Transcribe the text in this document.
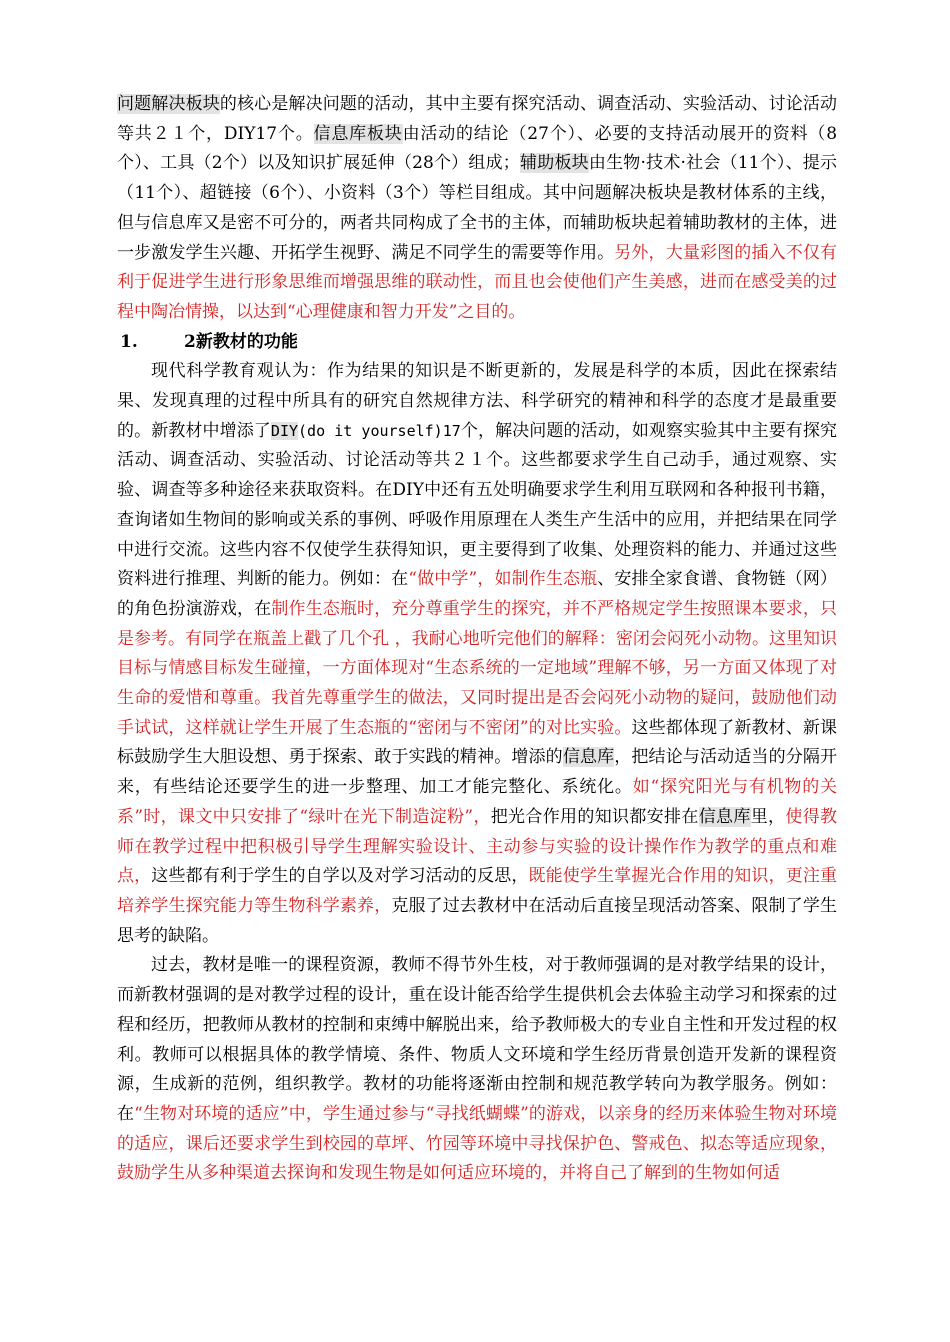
问题解决板块的核心是解决问题的活动，其中主要有探究活动、调查活动、实验活动、讨论活动等共２１个，DIY17个。信息库板块由活动的结论（27个）、必要的支持活动展开的资料（8个）、工具（2个）以及知识扩展延伸（28个）组成；辅助板块由生物·技术·社会（11个）、提示（11个）、超链接（6个）、小资料（3个）等栏目组成。其中问题解决板块是教材体系的主线，但与信息库又是密不可分的，两者共同构成了全书的主体，而辅助板块起着辅助教材的主体，进一步激发学生兴趣、开拓学生视野、满足不同学生的需要等作用。另外，大量彩图的插入不仅有利于促进学生进行形象思维而增强思维的联动性，而且也会使他们产生美感，进而在感受美的过程中陶冶情操，以达到“心理健康和智力开发”之目的。

1.	2新教材的功能

现代科学教育观认为：作为结果的知识是不断更新的，发展是科学的本质，因此在探索结果、发现真理的过程中所具有的研究自然规律方法、科学研究的精神和科学的态度才是最重要的。新教材中增添了DIY(do it yourself)17个，解决问题的活动，如观察实验其中主要有探究活动、调查活动、实验活动、讨论活动等共２１个。这些都要求学生自己动手，通过观察、实验、调查等多种途径来获取资料。在DIY中还有五处明确要求学生利用互联网和各种报刊书籍，查询诸如生物间的影响或关系的事例、呼吸作用原理在人类生产生活中的应用，并把结果在同学中进行交流。这些内容不仅使学生获得知识，更主要得到了收集、处理资料的能力、并通过这些资料进行推理、判断的能力。例如：在“做中学”，如制作生态瓶、安排全家食谱、食物链（网）的角色扮演游戏，在制作生态瓶时，充分尊重学生的探究，并不严格规定学生按照课本要求，只是参考。有同学在瓶盖上戳了几个孔 ，我耐心地听完他们的解释：密闭会闷死小动物。这里知识目标与情感目标发生碰撞，一方面体现对“生态系统的一定地域”理解不够，另一方面又体现了对生命的爱惜和尊重。我首先尊重学生的做法，又同时提出是否会闷死小动物的疑问，鼓励他们动手试试，这样就让学生开展了生态瓶的“密闭与不密闭”的对比实验。这些都体现了新教材、新课标鼓励学生大胆设想、勇于探索、敢于实践的精神。增添的信息库，把结论与活动适当的分隔开来，有些结论还要学生的进一步整理、加工才能完整化、系统化。如“探究阳光与有机物的关系”时，课文中只安排了“绿叶在光下制造淀粉”，把光合作用的知识都安排在信息库里，使得教师在教学过程中把积极引导学生理解实验设计、主动参与实验的设计操作作为教学的重点和难点，这些都有利于学生的自学以及对学习活动的反思，既能使学生掌握光合作用的知识，更注重培养学生探究能力等生物科学素养，克服了过去教材中在活动后直接呈现活动答案、限制了学生思考的缺陷。

过去，教材是唯一的课程资源，教师不得节外生枝，对于教师强调的是对教学结果的设计，而新教材强调的是对教学过程的设计，重在设计能否给学生提供机会去体验主动学习和探索的过程和经历，把教师从教材的控制和束缚中解脱出来，给予教师极大的专业自主性和开发过程的权利。教师可以根据具体的教学情境、条件、物质人文环境和学生经历背景创造开发新的课程资源，生成新的范例，组织教学。教材的功能将逐渐由控制和规范教学转向为教学服务。例如：在“生物对环境的适应”中，学生通过参与“寻找纸蝴蝶”的游戏，以亲身的经历来体验生物对环境的适应，课后还要求学生到校园的草坪、竹园等环境中寻找保护色、警戒色、拟态等适应现象，鼓励学生从多种渠道去探询和发现生物是如何适应环境的，并将自己了解到的生物如何适
